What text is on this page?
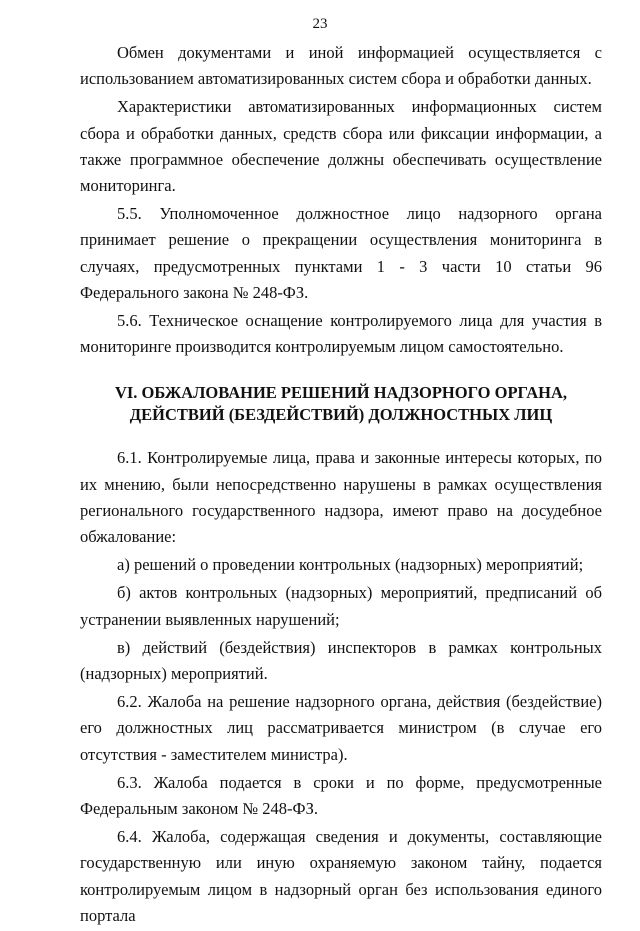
23

Обмен документами и иной информацией осуществляется с использованием автоматизированных систем сбора и обработки данных.

Характеристики автоматизированных информационных систем сбора и обработки данных, средств сбора или фиксации информации, а также программное обеспечение должны обеспечивать осуществление мониторинга.

5.5. Уполномоченное должностное лицо надзорного органа принимает решение о прекращении осуществления мониторинга в случаях, предусмотренных пунктами 1 - 3 части 10 статьи 96 Федерального закона № 248-ФЗ.

5.6. Техническое оснащение контролируемого лица для участия в мониторинге производится контролируемым лицом самостоятельно.

VI. ОБЖАЛОВАНИЕ РЕШЕНИЙ НАДЗОРНОГО ОРГАНА, ДЕЙСТВИЙ (БЕЗДЕЙСТВИЙ) ДОЛЖНОСТНЫХ ЛИЦ

6.1. Контролируемые лица, права и законные интересы которых, по их мнению, были непосредственно нарушены в рамках осуществления регионального государственного надзора, имеют право на досудебное обжалование:

а) решений о проведении контрольных (надзорных) мероприятий;

б) актов контрольных (надзорных) мероприятий, предписаний об устранении выявленных нарушений;

в) действий (бездействия) инспекторов в рамках контрольных (надзорных) мероприятий.

6.2. Жалоба на решение надзорного органа, действия (бездействие) его должностных лиц рассматривается министром (в случае его отсутствия - заместителем министра).

6.3. Жалоба подается в сроки и по форме, предусмотренные Федеральным законом № 248-ФЗ.

6.4. Жалоба, содержащая сведения и документы, составляющие государственную или иную охраняемую законом тайну, подается контролируемым лицом в надзорный орган без использования единого портала
